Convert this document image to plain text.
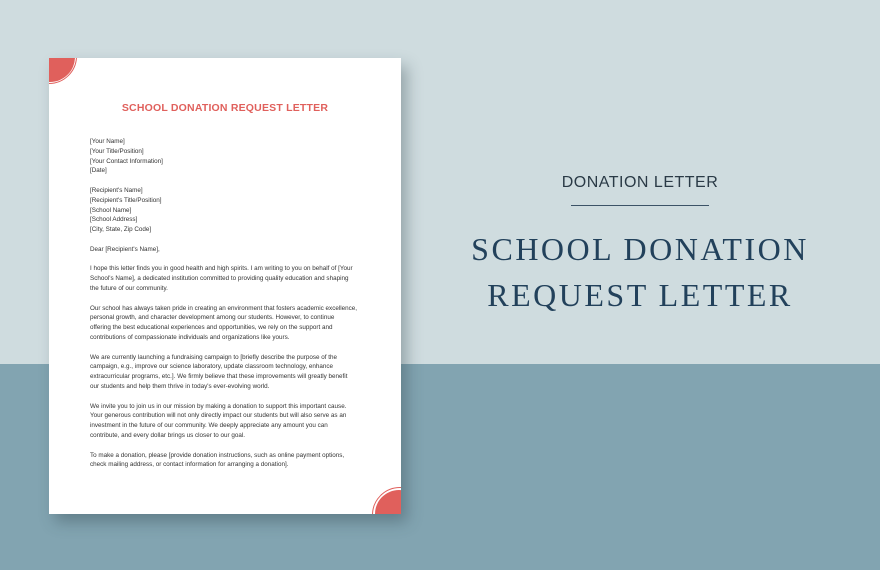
SCHOOL DONATION REQUEST LETTER
[Your Name]
[Your Title/Position]
[Your Contact Information]
[Date]
[Recipient's Name]
[Recipient's Title/Position]
[School Name]
[School Address]
[City, State, Zip Code]
Dear [Recipient's Name],
I hope this letter finds you in good health and high spirits. I am writing to you on behalf of [Your
School's Name], a dedicated institution committed to providing quality education and shaping
the future of our community.
Our school has always taken pride in creating an environment that fosters academic excellence,
personal growth, and character development among our students. However, to continue
offering the best educational experiences and opportunities, we rely on the support and
contributions of compassionate individuals and organizations like yours.
We are currently launching a fundraising campaign to [briefly describe the purpose of the
campaign, e.g., improve our science laboratory, update classroom technology, enhance
extracurricular programs, etc.]. We firmly believe that these improvements will greatly benefit
our students and help them thrive in today's ever-evolving world.
We invite you to join us in our mission by making a donation to support this important cause.
Your generous contribution will not only directly impact our students but will also serve as an
investment in the future of our community. We deeply appreciate any amount you can
contribute, and every dollar brings us closer to our goal.
To make a donation, please [provide donation instructions, such as online payment options,
check mailing address, or contact information for arranging a donation].
DONATION LETTER
SCHOOL DONATION
REQUEST LETTER
